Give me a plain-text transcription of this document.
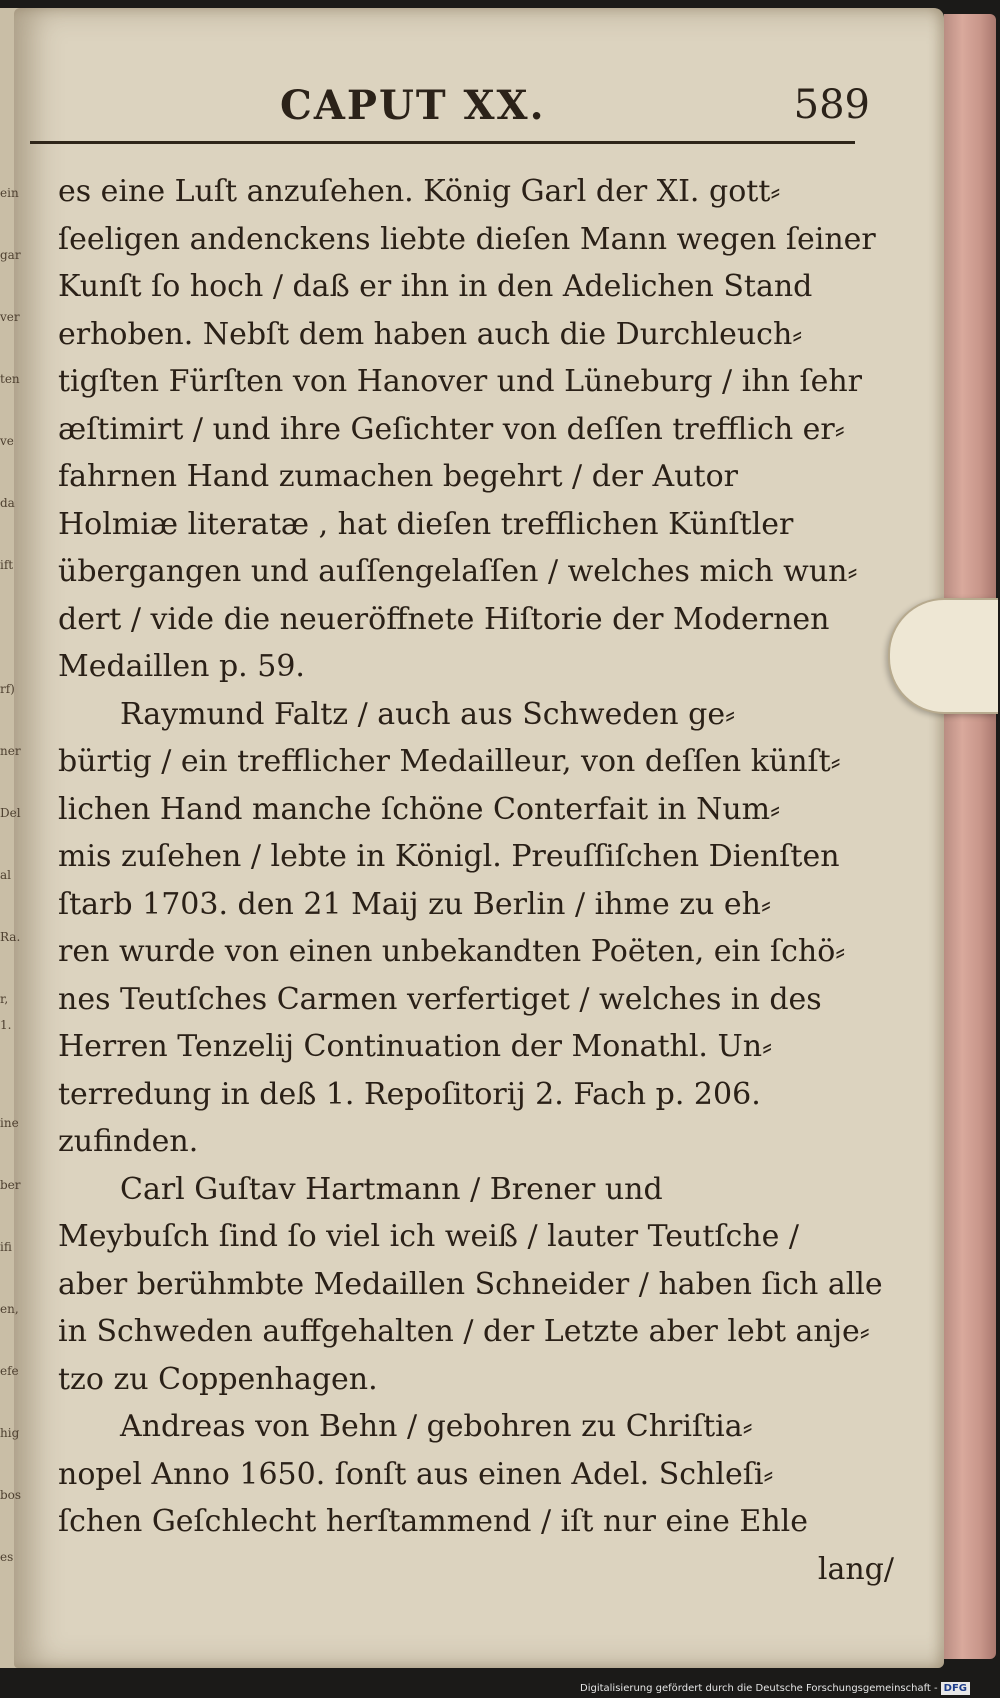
ein
gar
ver
ten
ve
da
ift
rf)
ner
Del
al
Ra.
r, 1.
ine
ber
ifi
en,
efe
hig
bos
es
CAPUT XX.	589
es eine Luſt anzuſehen. König Garl der XI. gott⸗
ſeeligen andenckens liebte dieſen Mann wegen ſeiner
Kunſt ſo hoch / daß er ihn in den Adelichen Stand
erhoben. Nebſt dem haben auch die Durchleuch⸗
tigſten Fürſten von Hanover und Lüneburg / ihn ſehr
æſtimirt / und ihre Geſichter von deſſen trefflich er⸗
fahrnen Hand zumachen begehrt / der Autor
Holmiæ literatæ , hat dieſen trefflichen Künſtler
übergangen und auſſengelaſſen / welches mich wun⸗
dert / vide die neueröffnete Hiſtorie der Modernen
Medaillen p. 59.
Raymund Faltz / auch aus Schweden ge⸗
bürtig / ein trefflicher Medailleur, von deſſen künſt⸗
lichen Hand manche ſchöne Conterfait in Num⸗
mis zuſehen / lebte in Königl. Preuſſiſchen Dienſten
ſtarb 1703. den 21 Maij zu Berlin / ihme zu eh⸗
ren wurde von einen unbekandten Poëten, ein ſchö⸗
nes Teutſches Carmen verfertiget / welches in des
Herren Tenzelij Continuation der Monathl. Un⸗
terredung in deß 1. Repoſitorij 2. Fach p. 206.
zufinden.
Carl Guſtav Hartmann / Brener und
Meybuſch ſind ſo viel ich weiß / lauter Teutſche /
aber berühmbte Medaillen Schneider / haben ſich alle
in Schweden auffgehalten / der Letzte aber lebt anje⸗
tzo zu Coppenhagen.
Andreas von Behn / gebohren zu Chriſtia⸗
nopel Anno 1650. ſonſt aus einen Adel. Schleſi⸗
ſchen Geſchlecht herſtammend / iſt nur eine Ehle
lang/
Digitalisierung gefördert durch die Deutsche Forschungsgemeinschaft - DFG
